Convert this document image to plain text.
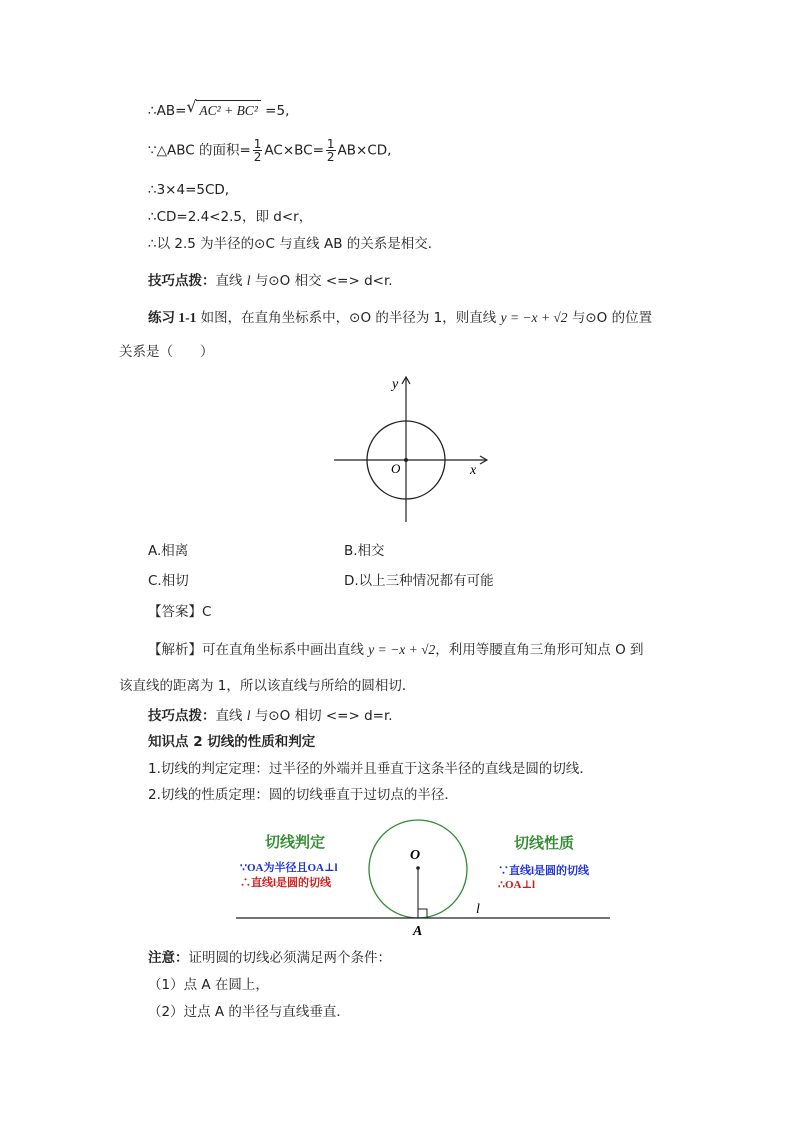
∴AB= √ AC² + BC² =5,
∵△ABC 的面积= $\frac{1}{2} AC\times BC= \frac{1}{2} AB\times CD$,
∴3×4=5CD,
∴CD=2.4<2.5，即 d<r，
∴以 2.5 为半径的⊙C 与直线 AB 的关系是相交．
技巧点拨：直线 l 与⊙O 相交 <=> d<r.
练习 1-1 如图，在直角坐标系中，⊙O 的半径为 1，则直线 y = −x + √2 与⊙O 的位置
关系是（　　）
x
y
O
A.相离	B.相交
C.相切	D.以上三种情况都有可能
【答案】C
【解析】可在直角坐标系中画出直线 y = −x + √2，利用等腰直角三角形可知点 O 到
该直线的距离为 1，所以该直线与所给的圆相切．
技巧点拨：直线 l 与⊙O 相切 <=> d=r.
知识点 2 切线的性质和判定
1.切线的判定定理：过半径的外端并且垂直于这条半径的直线是圆的切线．
2.切线的性质定理：圆的切线垂直于过切点的半径．
O
A
l
切线判定
∵OA为半径且OA⊥l
∴直线l是圆的切线
切线性质
∵直线l是圆的切线
∴OA⊥l
注意：证明圆的切线必须满足两个条件：
（1）点 A 在圆上，
（2）过点 A 的半径与直线垂直．
